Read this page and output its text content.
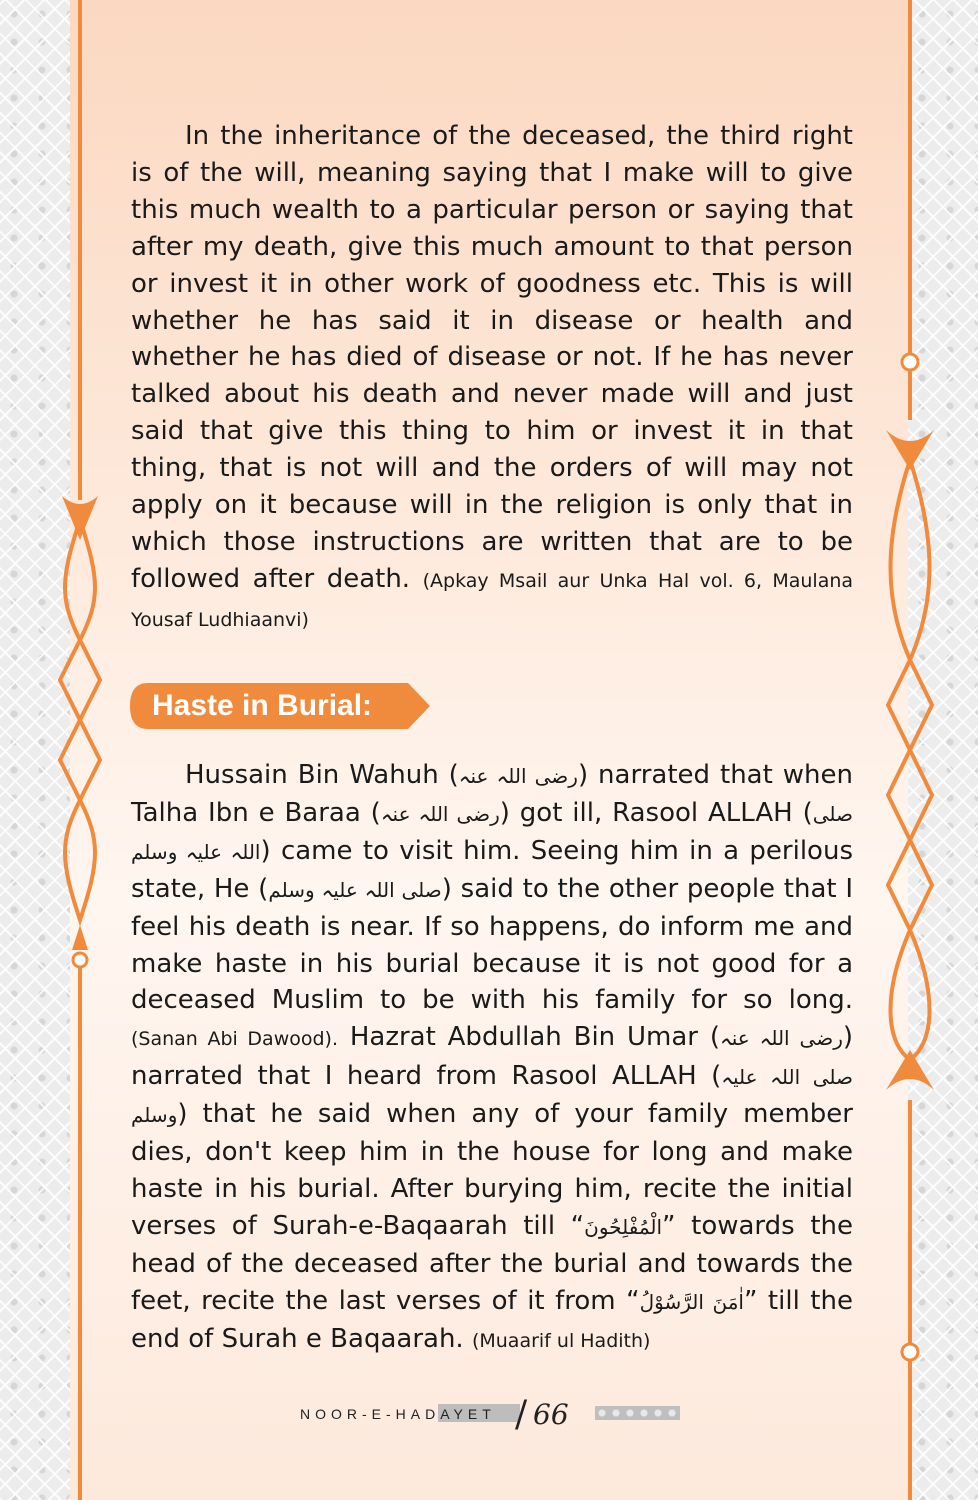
In the inheritance of the deceased, the third right is of the will, meaning saying that I make will to give this much wealth to a particular person or saying that after my death, give this much amount to that person or invest it in other work of goodness etc. This is will whether he has said it in disease or health and whether he has died of disease or not. If he has never talked about his death and never made will and just said that give this thing to him or invest it in that thing, that is not will and the orders of will may not apply on it because will in the religion is only that in which those instructions are written that are to be followed after death. (Apkay Msail aur Unka Hal vol. 6, Maulana Yousaf Ludhiaanvi)

Haste in Burial:

Hussain Bin Wahuh (رضی اللہ عنہ) narrated that when Talha Ibn e Baraa (رضی اللہ عنہ) got ill, Rasool ALLAH (صلی اللہ علیہ وسلم) came to visit him. Seeing him in a perilous state, He (صلی اللہ علیہ وسلم) said to the other people that I feel his death is near. If so happens, do inform me and make haste in his burial because it is not good for a deceased Muslim to be with his family for so long. (Sanan Abi Dawood). Hazrat Abdullah Bin Umar (رضی اللہ عنہ) narrated that I heard from Rasool ALLAH (صلی اللہ علیہ وسلم) that he said when any of your family member dies, don't keep him in the house for long and make haste in his burial. After burying him, recite the initial verses of Surah-e-Baqaarah till “الْمُفْلِحُونَ” towards the head of the deceased after the burial and towards the feet, recite the last verses of it from “اٰمَنَ الرَّسُوْلُ” till the end of Surah e Baqaarah. (Muaarif ul Hadith)

NOOR-E-HADAYET / 66
